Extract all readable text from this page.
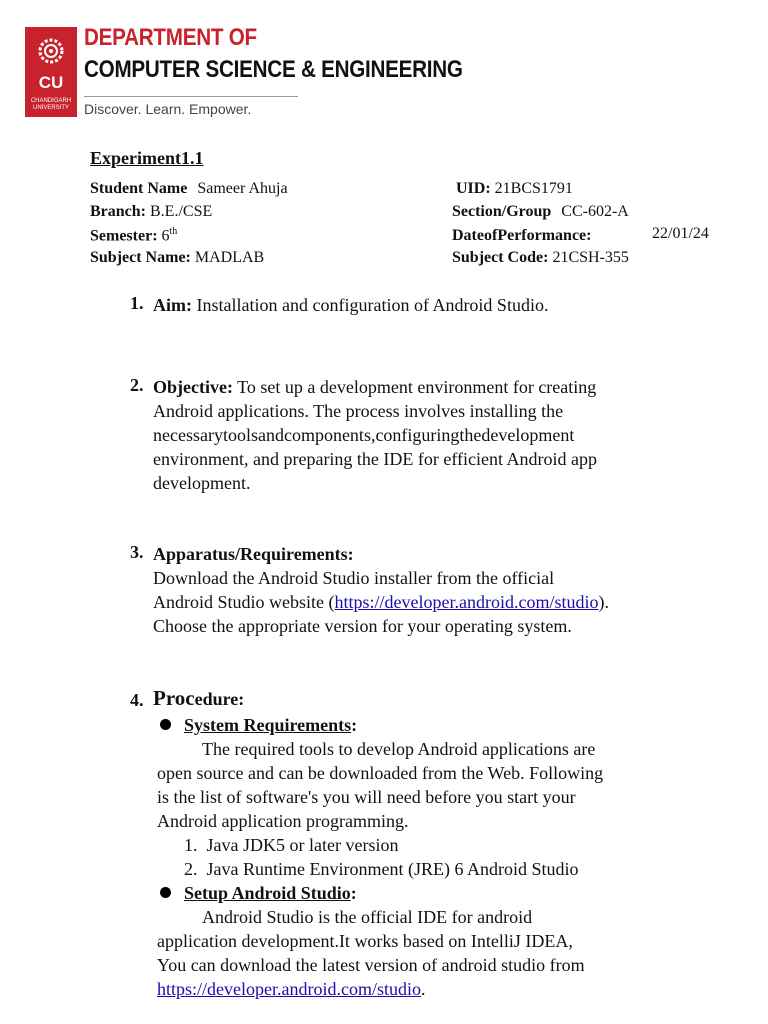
CU
CHANDIGARH UNIVERSITY
DEPARTMENT OF
COMPUTER SCIENCE & ENGINEERING
Discover. Learn. Empower.
Experiment1.1
Student Name Sameer Ahuja	UID: 21BCS1791
Branch: B.E./CSE	Section/Group CC-602-A
Semester: 6th	DateofPerformance:	22/01/24
Subject Name: MADLAB	Subject Code: 21CSH-355
1. Aim: Installation and configuration of Android Studio.
2. Objective: To set up a development environment for creating
Android applications. The process involves installing the
necessarytoolsandcomponents,configuringthedevelopment
environment, and preparing the IDE for efficient Android app
development.
3. Apparatus/Requirements:
Download the Android Studio installer from the official
Android Studio website (https://developer.android.com/studio).
Choose the appropriate version for your operating system.
4. Procedure:
System Requirements:
The required tools to develop Android applications are
open source and can be downloaded from the Web. Following
is the list of software's you will need before you start your
Android application programming.
1. Java JDK5 or later version
2. Java Runtime Environment (JRE) 6 Android Studio
Setup Android Studio:
Android Studio is the official IDE for android
application development.It works based on IntelliJ IDEA,
You can download the latest version of android studio from
https://developer.android.com/studio.
